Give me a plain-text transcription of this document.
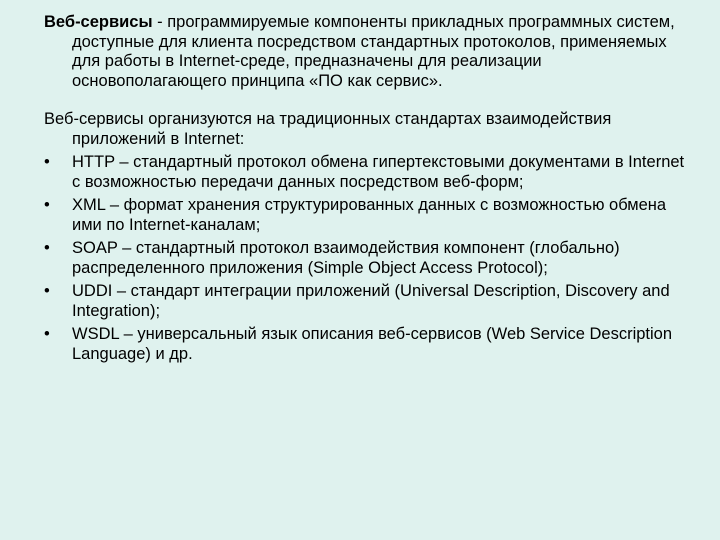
Веб-сервисы - программируемые компоненты прикладных программных систем, доступные для клиента посредством стандартных протоколов, применяемых для работы в Internet-среде, предназначены для реализации основополагающего принципа «ПО как сервис».

Веб-сервисы организуются на традиционных стандартах взаимодействия приложений в Internet:

• HTTP – стандартный протокол обмена гипертекстовыми документами в Internet с возможностью передачи данных посредством веб-форм;
• XML – формат хранения структурированных данных с возможностью обмена ими по Internet-каналам;
• SOAP – стандартный протокол взаимодействия компонент (глобально) распределенного приложения (Simple Object Access Protocol);
• UDDI – стандарт интеграции приложений (Universal Description, Discovery and Integration);
• WSDL – универсальный язык описания веб-сервисов (Web Service Description Language) и др.
